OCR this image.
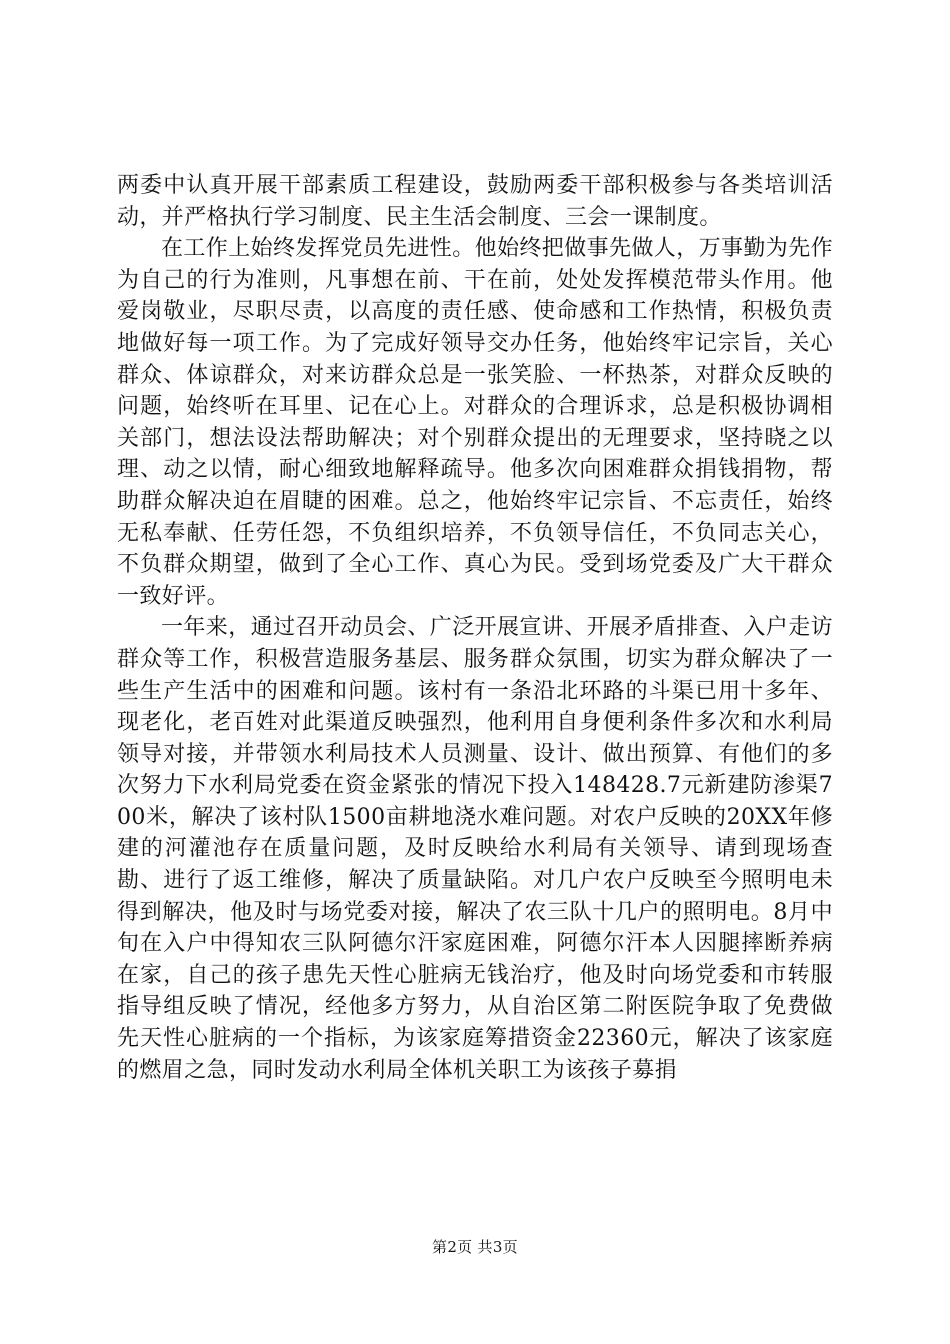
两委中认真开展干部素质工程建设，鼓励两委干部积极参与各类培训活动，并严格执行学习制度、民主生活会制度、三会一课制度。

在工作上始终发挥党员先进性。他始终把做事先做人，万事勤为先作为自己的行为准则，凡事想在前、干在前，处处发挥模范带头作用。他爱岗敬业，尽职尽责，以高度的责任感、使命感和工作热情，积极负责地做好每一项工作。为了完成好领导交办任务，他始终牢记宗旨，关心群众、体谅群众，对来访群众总是一张笑脸、一杯热茶，对群众反映的问题，始终听在耳里、记在心上。对群众的合理诉求，总是积极协调相关部门，想法设法帮助解决；对个别群众提出的无理要求，坚持晓之以理、动之以情，耐心细致地解释疏导。他多次向困难群众捐钱捐物，帮助群众解决迫在眉睫的困难。总之，他始终牢记宗旨、不忘责任，始终无私奉献、任劳任怨，不负组织培养，不负领导信任，不负同志关心，不负群众期望，做到了全心工作、真心为民。受到场党委及广大干群众一致好评。

一年来，通过召开动员会、广泛开展宣讲、开展矛盾排查、入户走访群众等工作，积极营造服务基层、服务群众氛围，切实为群众解决了一些生产生活中的困难和问题。该村有一条沿北环路的斗渠已用十多年、现老化，老百姓对此渠道反映强烈，他利用自身便利条件多次和水利局领导对接，并带领水利局技术人员测量、设计、做出预算、有他们的多次努力下水利局党委在资金紧张的情况下投入148428.7元新建防渗渠700米，解决了该村队1500亩耕地浇水难问题。对农户反映的20XX年修建的河灌池存在质量问题，及时反映给水利局有关领导、请到现场查勘、进行了返工维修，解决了质量缺陷。对几户农户反映至今照明电未得到解决，他及时与场党委对接，解决了农三队十几户的照明电。8月中旬在入户中得知农三队阿德尔汗家庭困难，阿德尔汗本人因腿摔断养病在家，自己的孩子患先天性心脏病无钱治疗，他及时向场党委和市转服指导组反映了情况，经他多方努力，从自治区第二附医院争取了免费做先天性心脏病的一个指标，为该家庭筹措资金22360元，解决了该家庭的燃眉之急，同时发动水利局全体机关职工为该孩子募捐

第2页 共3页
